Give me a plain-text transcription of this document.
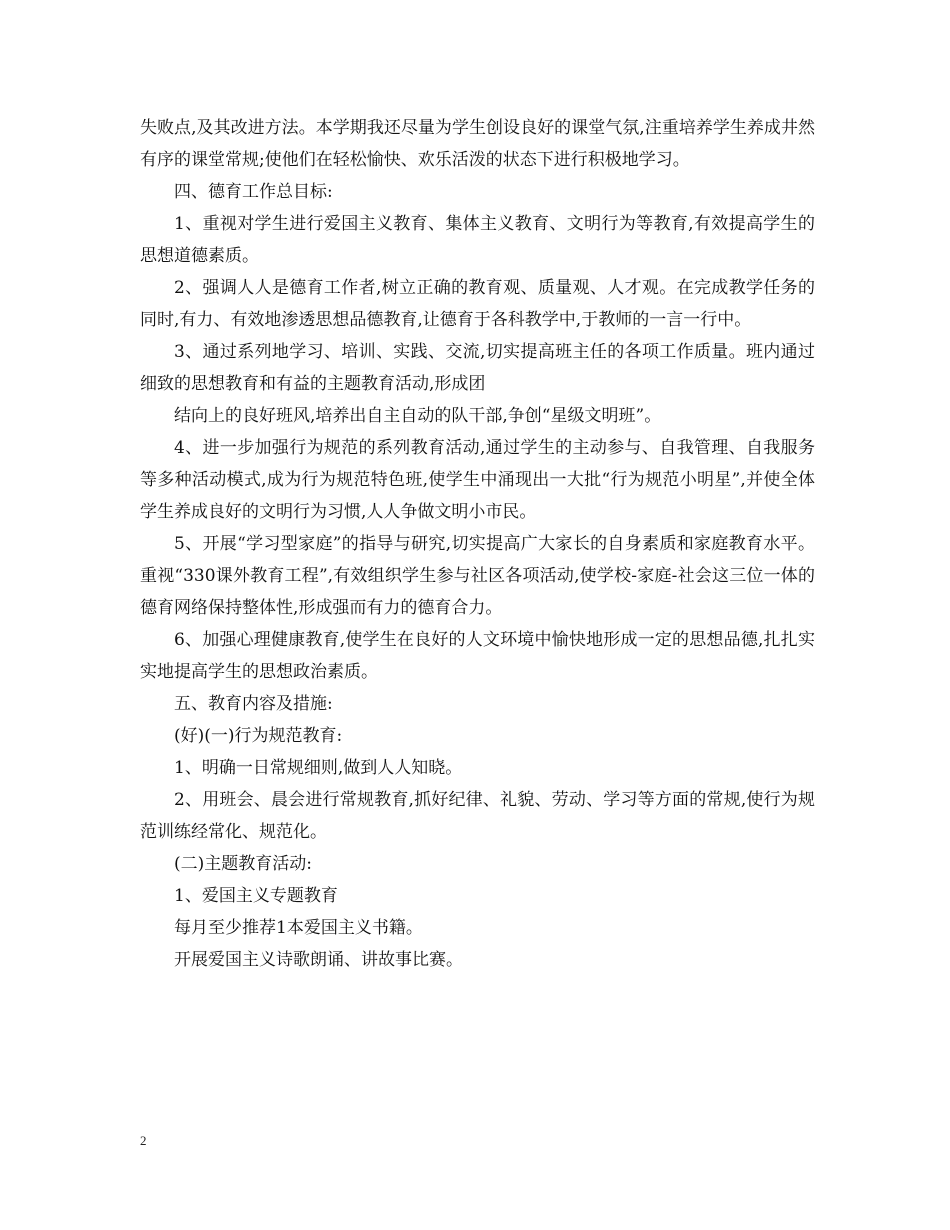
失败点,及其改进方法。本学期我还尽量为学生创设良好的课堂气氛,注重培养学生养成井然有序的课堂常规;使他们在轻松愉快、欢乐活泼的状态下进行积极地学习。

四、德育工作总目标:

1、重视对学生进行爱国主义教育、集体主义教育、文明行为等教育,有效提高学生的思想道德素质。

2、强调人人是德育工作者,树立正确的教育观、质量观、人才观。在完成教学任务的同时,有力、有效地渗透思想品德教育,让德育于各科教学中,于教师的一言一行中。

3、通过系列地学习、培训、实践、交流,切实提高班主任的各项工作质量。班内通过细致的思想教育和有益的主题教育活动,形成团

结向上的良好班风,培养出自主自动的队干部,争创“星级文明班”。

4、进一步加强行为规范的系列教育活动,通过学生的主动参与、自我管理、自我服务等多种活动模式,成为行为规范特色班,使学生中涌现出一大批“行为规范小明星”,并使全体学生养成良好的文明行为习惯,人人争做文明小市民。

5、开展“学习型家庭”的指导与研究,切实提高广大家长的自身素质和家庭教育水平。重视“330课外教育工程”,有效组织学生参与社区各项活动,使学校-家庭-社会这三位一体的德育网络保持整体性,形成强而有力的德育合力。

6、加强心理健康教育,使学生在良好的人文环境中愉快地形成一定的思想品德,扎扎实实地提高学生的思想政治素质。

五、教育内容及措施:

(好)(一)行为规范教育:

1、明确一日常规细则,做到人人知晓。

2、用班会、晨会进行常规教育,抓好纪律、礼貌、劳动、学习等方面的常规,使行为规范训练经常化、规范化。

(二)主题教育活动:

1、爱国主义专题教育

每月至少推荐1本爱国主义书籍。

开展爱国主义诗歌朗诵、讲故事比赛。

2
